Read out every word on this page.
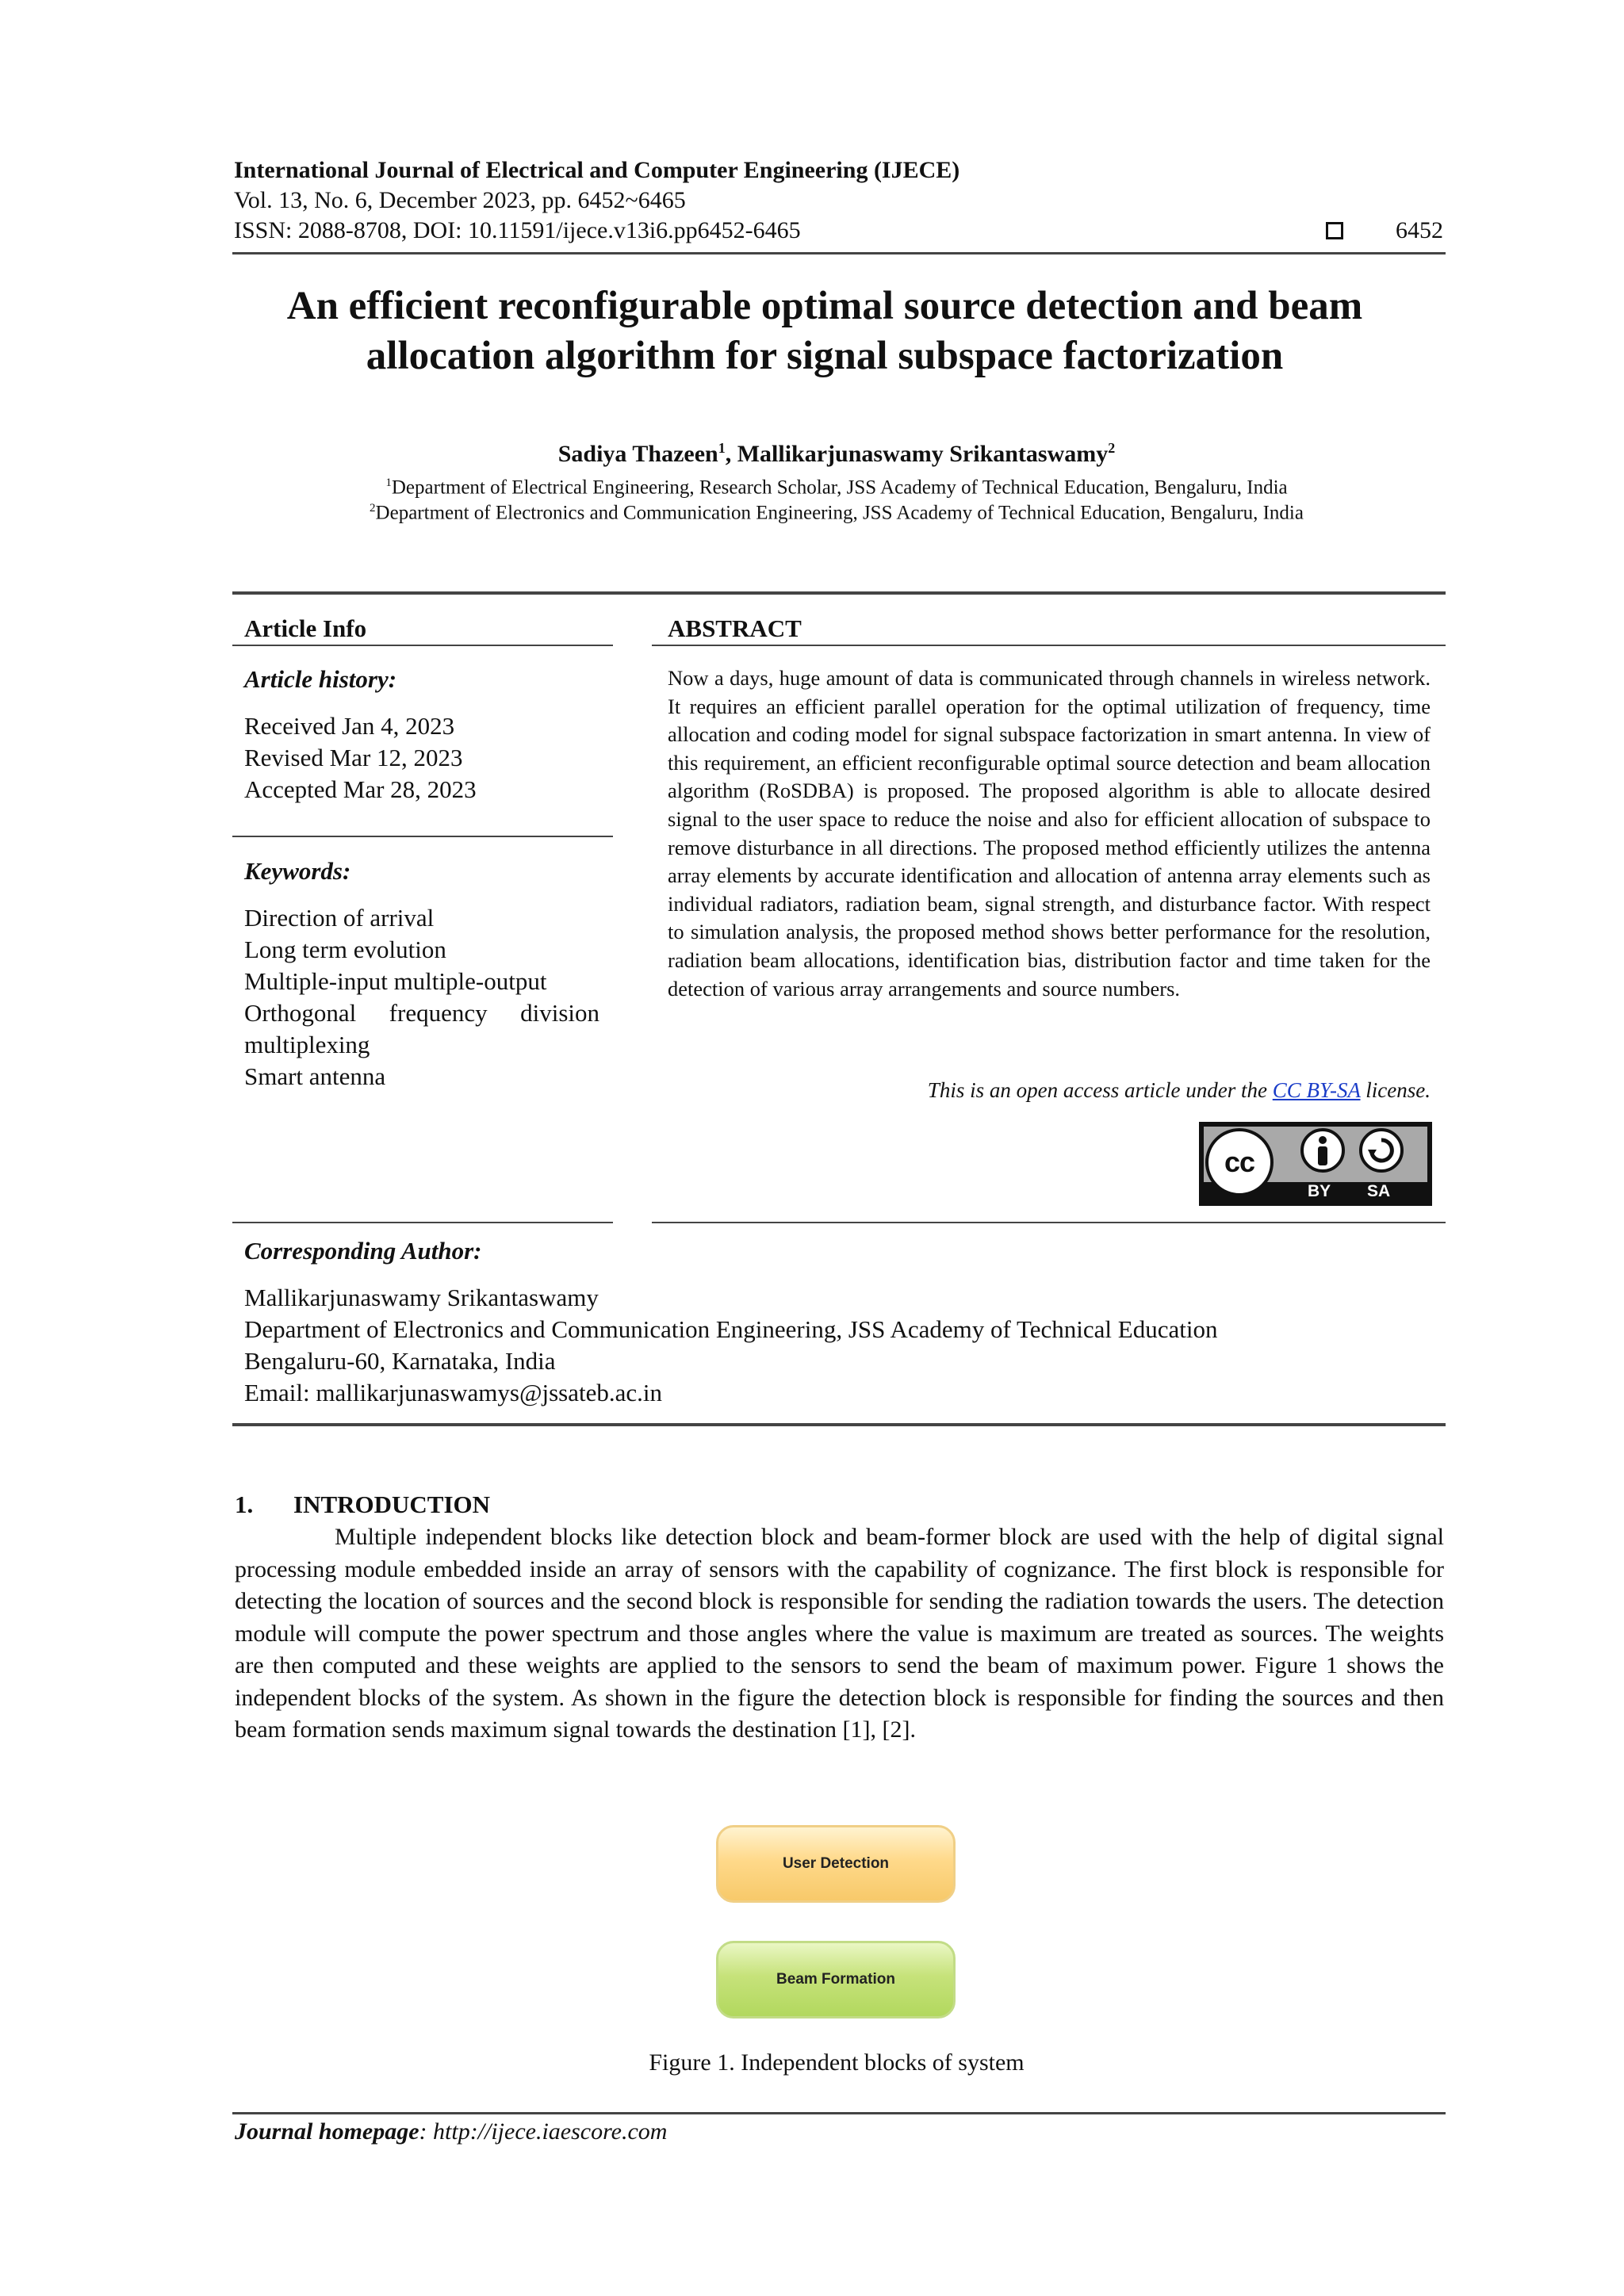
International Journal of Electrical and Computer Engineering (IJECE)
Vol. 13, No. 6, December 2023, pp. 6452~6465
ISSN: 2088-8708, DOI: 10.11591/ijece.v13i6.pp6452-6465	6452
An efficient reconfigurable optimal source detection and beam
allocation algorithm for signal subspace factorization
Sadiya Thazeen$^1$, Mallikarjunaswamy Srikantaswamy$^2$
$^1$Department of Electrical Engineering, Research Scholar, JSS Academy of Technical Education, Bengaluru, India
$^2$Department of Electronics and Communication Engineering, JSS Academy of Technical Education, Bengaluru, India
Article Info
Article history:
Received Jan 4, 2023
Revised Mar 12, 2023
Accepted Mar 28, 2023
Keywords:
Direction of arrival
Long term evolution
Multiple-input multiple-output
Orthogonal frequency division multiplexing
Smart antenna
ABSTRACT
Now a days, huge amount of data is communicated through channels in wireless network. It requires an efficient parallel operation for the optimal utilization of frequency, time allocation and coding model for signal subspace factorization in smart antenna. In view of this requirement, an efficient reconfigurable optimal source detection and beam allocation algorithm (RoSDBA) is proposed. The proposed algorithm is able to allocate desired signal to the user space to reduce the noise and also for efficient allocation of subspace to remove disturbance in all directions. The proposed method efficiently utilizes the antenna array elements by accurate identification and allocation of antenna array elements such as individual radiators, radiation beam, signal strength, and disturbance factor. With respect to simulation analysis, the proposed method shows better performance for the resolution, radiation beam allocations, identification bias, distribution factor and time taken for the detection of various array arrangements and source numbers.
This is an open access article under the CC BY-SA license.
cc
BY SA
Corresponding Author:
Mallikarjunaswamy Srikantaswamy
Department of Electronics and Communication Engineering, JSS Academy of Technical Education
Bengaluru-60, Karnataka, India
Email: mallikarjunaswamys@jssateb.ac.in
1. INTRODUCTION
Multiple independent blocks like detection block and beam-former block are used with the help of digital signal processing module embedded inside an array of sensors with the capability of cognizance. The first block is responsible for detecting the location of sources and the second block is responsible for sending the radiation towards the users. The detection module will compute the power spectrum and those angles where the value is maximum are treated as sources. The weights are then computed and these weights are applied to the sensors to send the beam of maximum power. Figure 1 shows the independent blocks of the system. As shown in the figure the detection block is responsible for finding the sources and then beam formation sends maximum signal towards the destination [1], [2].
User Detection
Beam Formation
Figure 1. Independent blocks of system
Journal homepage: http://ijece.iaescore.com
